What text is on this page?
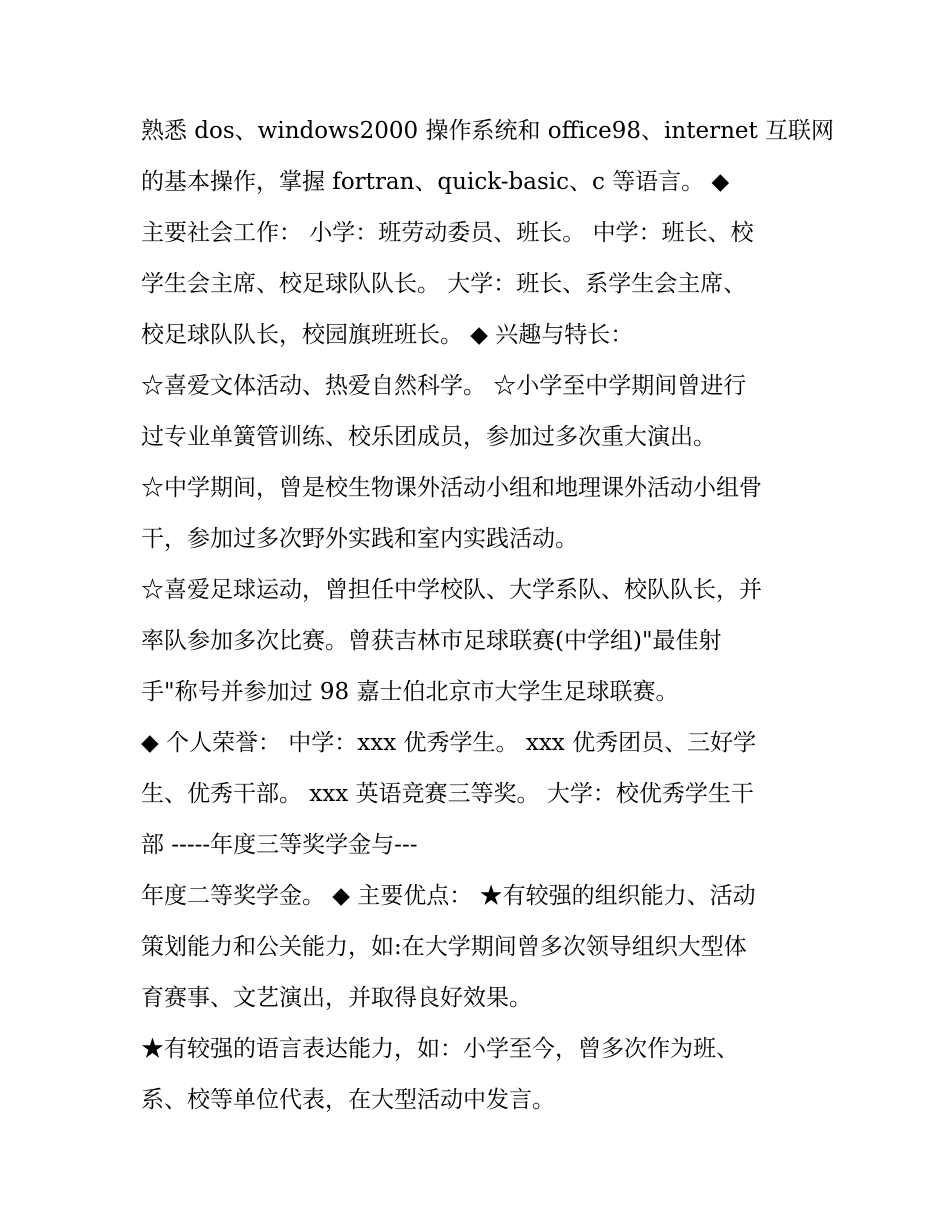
熟悉 dos、windows2000 操作系统和 office98、internet 互联网
的基本操作，掌握 fortran、quick-basic、c 等语言。 ◆
主要社会工作： 小学：班劳动委员、班长。 中学：班长、校
学生会主席、校足球队队长。 大学：班长、系学生会主席、
校足球队队长，校园旗班班长。 ◆ 兴趣与特长：
☆喜爱文体活动、热爱自然科学。 ☆小学至中学期间曾进行
过专业单簧管训练、校乐团成员，参加过多次重大演出。
☆中学期间，曾是校生物课外活动小组和地理课外活动小组骨
干，参加过多次野外实践和室内实践活动。
☆喜爱足球运动，曾担任中学校队、大学系队、校队队长，并
率队参加多次比赛。曾获吉林市足球联赛(中学组)"最佳射
手"称号并参加过 98 嘉士伯北京市大学生足球联赛。
◆ 个人荣誉： 中学：xxx 优秀学生。 xxx 优秀团员、三好学
生、优秀干部。 xxx 英语竞赛三等奖。 大学：校优秀学生干
部 -----年度三等奖学金与---
年度二等奖学金。 ◆ 主要优点： ★有较强的组织能力、活动
策划能力和公关能力，如:在大学期间曾多次领导组织大型体
育赛事、文艺演出，并取得良好效果。
★有较强的语言表达能力，如：小学至今，曾多次作为班、
系、校等单位代表，在大型活动中发言。
